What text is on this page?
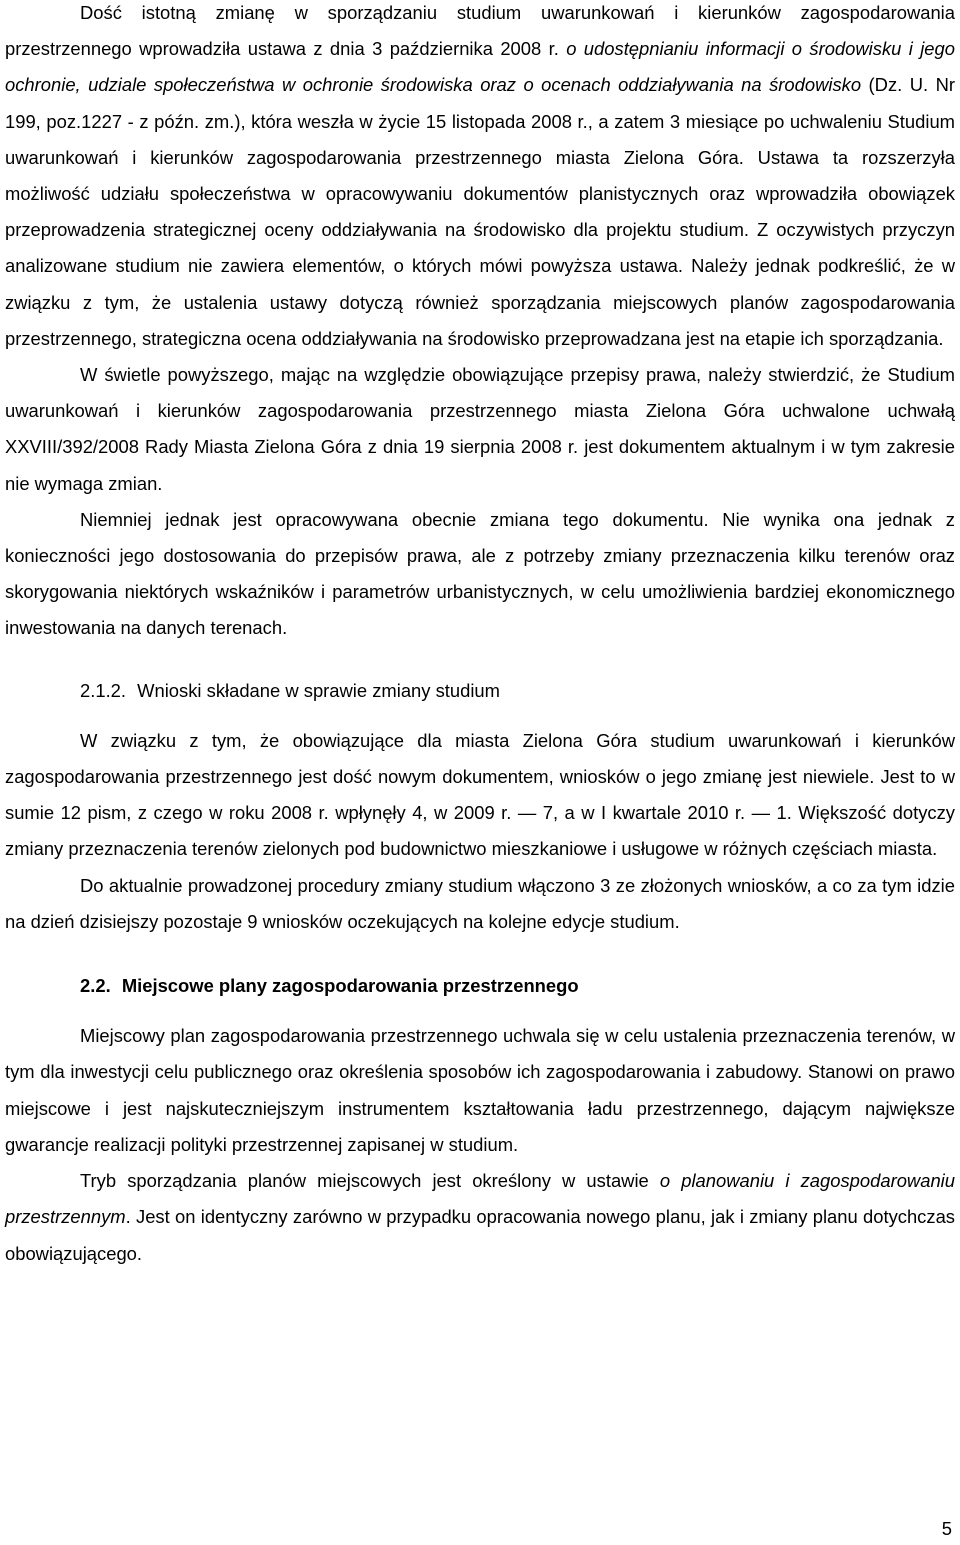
Dość istotną zmianę w sporządzaniu studium uwarunkowań i kierunków zagospodarowania przestrzennego wprowadziła ustawa z dnia 3 października 2008 r. o udostępnianiu informacji o środowisku i jego ochronie, udziale społeczeństwa w ochronie środowiska oraz o ocenach oddziaływania na środowisko (Dz. U. Nr 199, poz.1227 - z późn. zm.), która weszła w życie 15 listopada 2008 r., a zatem 3 miesiące po uchwaleniu Studium uwarunkowań i kierunków zagospodarowania przestrzennego miasta Zielona Góra. Ustawa ta rozszerzyła możliwość udziału społeczeństwa w opracowywaniu dokumentów planistycznych oraz wprowadziła obowiązek przeprowadzenia strategicznej oceny oddziaływania na środowisko dla projektu studium. Z oczywistych przyczyn analizowane studium nie zawiera elementów, o których mówi powyższa ustawa. Należy jednak podkreślić, że w związku z tym, że ustalenia ustawy dotyczą również sporządzania miejscowych planów zagospodarowania przestrzennego, strategiczna ocena oddziaływania na środowisko przeprowadzana jest na etapie ich sporządzania.

W świetle powyższego, mając na względzie obowiązujące przepisy prawa, należy stwierdzić, że Studium uwarunkowań i kierunków zagospodarowania przestrzennego miasta Zielona Góra uchwalone uchwałą XXVIII/392/2008 Rady Miasta Zielona Góra z dnia 19 sierpnia 2008 r. jest dokumentem aktualnym i w tym zakresie nie wymaga zmian.

Niemniej jednak jest opracowywana obecnie zmiana tego dokumentu. Nie wynika ona jednak z konieczności jego dostosowania do przepisów prawa, ale z potrzeby zmiany przeznaczenia kilku terenów oraz skorygowania niektórych wskaźników i parametrów urbanistycznych, w celu umożliwienia bardziej ekonomicznego inwestowania na danych terenach.

2.1.2. Wnioski składane w sprawie zmiany studium

W związku z tym, że obowiązujące dla miasta Zielona Góra studium uwarunkowań i kierunków zagospodarowania przestrzennego jest dość nowym dokumentem, wniosków o jego zmianę jest niewiele. Jest to w sumie 12 pism, z czego w roku 2008 r. wpłynęły 4, w 2009 r. — 7, a w I kwartale 2010 r. — 1. Większość dotyczy zmiany przeznaczenia terenów zielonych pod budownictwo mieszkaniowe i usługowe w różnych częściach miasta.

Do aktualnie prowadzonej procedury zmiany studium włączono 3 ze złożonych wniosków, a co za tym idzie na dzień dzisiejszy pozostaje 9 wniosków oczekujących na kolejne edycje studium.

2.2. Miejscowe plany zagospodarowania przestrzennego

Miejscowy plan zagospodarowania przestrzennego uchwala się w celu ustalenia przeznaczenia terenów, w tym dla inwestycji celu publicznego oraz określenia sposobów ich zagospodarowania i zabudowy. Stanowi on prawo miejscowe i jest najskuteczniejszym instrumentem kształtowania ładu przestrzennego, dającym największe gwarancje realizacji polityki przestrzennej zapisanej w studium.

Tryb sporządzania planów miejscowych jest określony w ustawie o planowaniu i zagospodarowaniu przestrzennym. Jest on identyczny zarówno w przypadku opracowania nowego planu, jak i zmiany planu dotychczas obowiązującego.

5
